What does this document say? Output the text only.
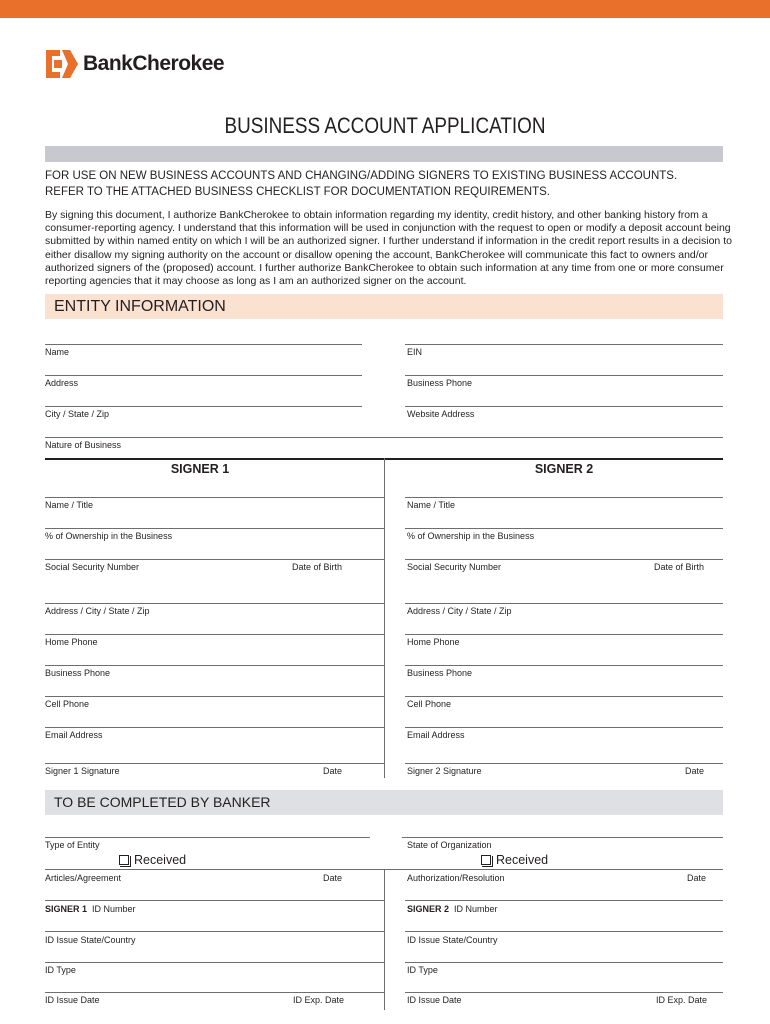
BankCherokee
BUSINESS ACCOUNT APPLICATION
FOR USE ON NEW BUSINESS ACCOUNTS AND CHANGING/ADDING SIGNERS TO EXISTING BUSINESS ACCOUNTS.
REFER TO THE ATTACHED BUSINESS CHECKLIST FOR DOCUMENTATION REQUIREMENTS.
By signing this document, I authorize BankCherokee to obtain information regarding my identity, credit history, and other banking history from a consumer-reporting agency. I understand that this information will be used in conjunction with the request to open or modify a deposit account being submitted by within named entity on which I will be an authorized signer. I further understand if information in the credit report results in a decision to either disallow my signing authority on the account or disallow opening the account, BankCherokee will communicate this fact to owners and/or authorized signers of the (proposed) account. I further authorize BankCherokee to obtain such information at any time from one or more consumer reporting agencies that it may choose as long as I am an authorized signer on the account.
ENTITY INFORMATION
Name	EIN
Address	Business Phone
City / State / Zip	Website Address
Nature of Business
SIGNER 1	SIGNER 2
Name / Title	Name / Title
% of Ownership in the Business	% of Ownership in the Business
Social Security Number	Date of Birth	Social Security Number	Date of Birth
Address / City / State / Zip	Address / City / State / Zip
Home Phone	Home Phone
Business Phone	Business Phone
Cell Phone	Cell Phone
Email Address	Email Address
Signer 1 Signature	Date	Signer 2 Signature	Date
TO BE COMPLETED BY BANKER
Type of Entity	State of Organization
Received	Received
Articles/Agreement	Date	Authorization/Resolution	Date
SIGNER 1 ID Number	SIGNER 2 ID Number
ID Issue State/Country	ID Issue State/Country
ID Type	ID Type
ID Issue Date	ID Exp. Date	ID Issue Date	ID Exp. Date
